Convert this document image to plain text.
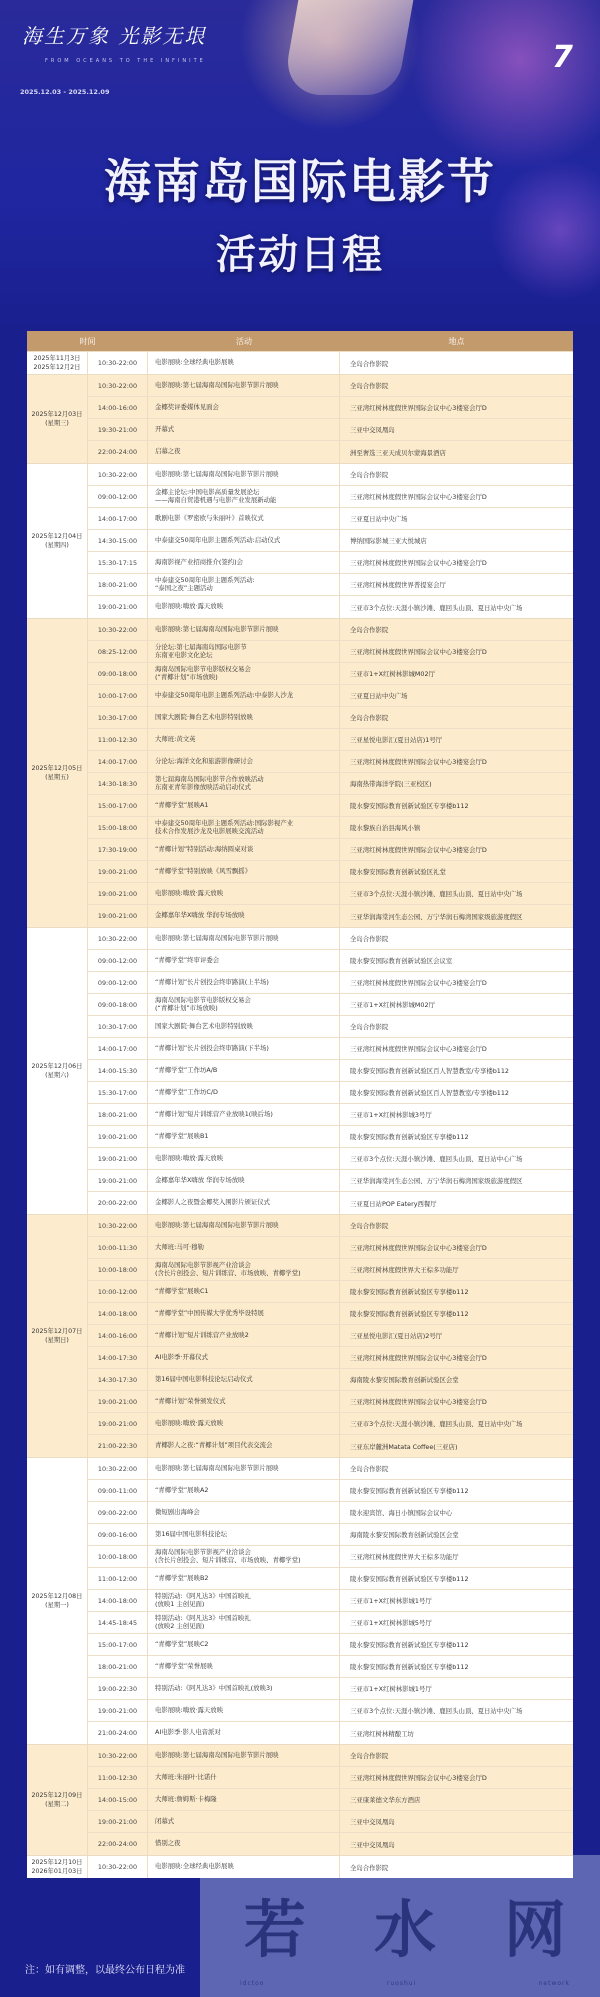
海生万象 光影无垠
FROM OCEANS TO THE INFINITE
2025.12.03 - 2025.12.09
7
海南岛国际电影节
活动日程
时间	活动	地点
2025年11月3日
2025年12月2日
10:30-22:00	电影展映:全球经典电影展映	全岛合作影院
2025年12月03日
(星期三)
10:30-22:00	电影展映:第七届海南岛国际电影节影片展映	全岛合作影院
14:00-16:00	金椰奖评委媒体见面会	三亚湾红树林度假世界国际会议中心3楼宴会厅D
19:30-21:00	开幕式	三亚中交凤凰岛
22:00-24:00	启幕之夜	洲至奢选三亚天成贝尔蒙海景酒店
2025年12月04日
(星期四)
10:30-22:00	电影展映:第七届海南岛国际电影节影片展映	全岛合作影院
09:00-12:00
金椰主论坛:中国电影高质量发展论坛
——海南自贸港机遇与电影产业发展新动能	三亚湾红树林度假世界国际会议中心3楼宴会厅D
14:00-17:00	歌剧电影《罗密欧与朱丽叶》首映仪式	三亚夏日站中央广场
14:30-15:00	中泰建交50周年电影主题系列活动:启动仪式	博纳国际影城三亚大悦城店
15:30-17:15	海南影视产业招商推介(签约)会	三亚湾红树林度假世界国际会议中心3楼宴会厅D
18:00-21:00
中泰建交50周年电影主题系列活动:
“泰国之夜”主题活动	三亚湾红树林度假世界普提宴会厅
19:00-21:00	电影展映:嗨放·露天放映	三亚市3个点位:天涯小镇沙滩、鹿回头山顶、夏日站中央广场
2025年12月05日
(星期五)
10:30-22:00	电影展映:第七届海南岛国际电影节影片展映	全岛合作影院
08:25-12:00
分论坛:第七届海南岛国际电影节
东南亚电影文化论坛	三亚湾红树林度假世界国际会议中心3楼宴会厅D
09:00-18:00
海南岛国际电影节电影版权交易会
(“青椰计划”市场放映)	三亚市1+X红树林影城M02厅
10:00-17:00	中泰建交50周年电影主题系列活动:中泰影人沙龙	三亚夏日站中央广场
10:30-17:00	国家大剧院·舞台艺术电影特别放映	全岛合作影院
11:00-12:30	大师班:黄文英	三亚星悦电影汇(夏日站店)1号厅
14:00-17:00	分论坛:海洋文化和旅游影像研讨会	三亚湾红树林度假世界国际会议中心3楼宴会厅D
14:30-18:30
第七届海南岛国际电影节合作放映活动
东南亚青年影像放映活动启动仪式	海南热带海洋学院(三亚校区)
15:00-17:00	“青椰学堂”展映A1	陵水黎安国际教育创新试验区专享楼b112
15:00-18:00
中泰建交50周年电影主题系列活动:国际影视产业
技术合作发展沙龙及电影展映交流活动	陵水黎族自治县海风小镇
17:30-19:00	“青椰计划”特别活动:海纳圆桌对谈	三亚湾红树林度假世界国际会议中心3楼宴会厅D
19:00-21:00	“青椰学堂”特别放映《风雪飘摇》	陵水黎安国际教育创新试验区礼堂
19:00-21:00	电影展映:嗨放·露天放映	三亚市3个点位:天涯小镇沙滩、鹿回头山顶、夏日站中央广场
19:00-21:00	金椰嘉年华X嗨放 华润专场放映	三亚华润海棠河生态公园、万宁华润石梅湾国家级旅游度假区
2025年12月06日
(星期六)
10:30-22:00	电影展映:第七届海南岛国际电影节影片展映	全岛合作影院
09:00-12:00	“青椰学堂”终审评委会	陵水黎安国际教育创新试验区会议室
09:00-12:00	“青椰计划”长片创投会终审路演(上半场)	三亚湾红树林度假世界国际会议中心3楼宴会厅D
09:00-18:00
海南岛国际电影节电影版权交易会
(“青椰计划”市场放映)	三亚市1+X红树林影城M02厅
10:30-17:00	国家大剧院·舞台艺术电影特别放映	全岛合作影院
14:00-17:00	“青椰计划”长片创投会终审路演(下半场)	三亚湾红树林度假世界国际会议中心3楼宴会厅D
14:00-15:30	“青椰学堂”工作坊A/B	陵水黎安国际教育创新试验区百人智慧教室/专享楼b112
15:30-17:00	“青椰学堂”工作坊C/D	陵水黎安国际教育创新试验区百人智慧教室/专享楼b112
18:00-21:00	“青椰计划”短片训练营产业放映1(映后场)	三亚市1+X红树林影城3号厅
19:00-21:00	“青椰学堂”展映B1	陵水黎安国际教育创新试验区专享楼b112
19:00-21:00	电影展映:嗨放·露天放映	三亚市3个点位:天涯小镇沙滩、鹿回头山顶、夏日站中心广场
19:00-21:00	金椰嘉年华X嗨放 华润专场放映	三亚华润海棠河生态公园、万宁华润石梅湾国家级旅游度假区
20:00-22:00	金椰影人之夜暨金椰奖入围影片颁证仪式	三亚夏日站POP Eatery西餐厅
2025年12月07日
(星期日)
10:30-22:00	电影展映:第七届海南岛国际电影节影片展映	全岛合作影院
10:00-11:30	大师班:马可·穆勒	三亚湾红树林度假世界国际会议中心3楼宴会厅D
10:00-18:00
海南岛国际电影节影视产业洽谈会
(含长片创投会、短片训练营、市场放映、青椰学堂)	三亚湾红树林度假世界大王棕多功能厅
10:00-12:00	“青椰学堂”展映C1	陵水黎安国际教育创新试验区专享楼b112
14:00-18:00	“青椰学堂”中国传媒大学优秀毕设特展	陵水黎安国际教育创新试验区专享楼b112
14:00-16:00	“青椰计划”短片训练营产业放映2	三亚星悦电影汇(夏日站店)2号厅
14:00-17:30	AI电影季·开幕仪式	三亚湾红树林度假世界国际会议中心3楼宴会厅D
14:30-17:30	第16届中国电影科技论坛启动仪式	海南陵水黎安国际教育创新试验区会堂
19:00-21:00	“青椰计划”荣誉颁发仪式	三亚湾红树林度假世界国际会议中心3楼宴会厅D
19:00-21:00	电影展映:嗨放·露天放映	三亚市3个点位:天涯小镇沙滩、鹿回头山顶、夏日站中央广场
21:00-22:30	青椰影人之夜:“青椰计划”项目代表交流会	三亚东岸麓洲Matata Coffee(三亚店)
2025年12月08日
(星期一)
10:30-22:00	电影展映:第七届海南岛国际电影节影片展映	全岛合作影院
09:00-11:00	“青椰学堂”展映A2	陵水黎安国际教育创新试验区专享楼b112
09:00-22:00	微短剧出海峰会	陵水迎宾馆、海日小镇国际会议中心
09:00-16:00	第16届中国电影科技论坛	海南陵水黎安国际教育创新试验区会堂
10:00-18:00
海南岛国际电影节影视产业洽谈会
(含长片创投会、短片训练营、市场放映、青椰学堂)	三亚湾红树林度假世界大王棕多功能厅
11:00-12:00	“青椰学堂”展映B2	陵水黎安国际教育创新试验区专享楼b112
14:00-18:00
特别活动:《阿凡达3》中国首映礼
(放映1 主创见面)	三亚市1+X红树林影城1号厅
14:45-18:45
特别活动:《阿凡达3》中国首映礼
(放映2 主创见面)	三亚市1+X红树林影城5号厅
15:00-17:00	“青椰学堂”展映C2	陵水黎安国际教育创新试验区专享楼b112
18:00-21:00	“青椰学堂”荣誉展映	陵水黎安国际教育创新试验区专享楼b112
19:00-22:30	特别活动:《阿凡达3》中国首映礼(放映3)	三亚市1+X红树林影城1号厅
19:00-21:00	电影展映:嗨放·露天放映	三亚市3个点位:天涯小镇沙滩、鹿回头山顶、夏日站中央广场
21:00-24:00	AI电影季·影人电音派对	三亚湾红树林精酿工坊
2025年12月09日
(星期二)
10:30-22:00	电影展映:第七届海南岛国际电影节影片展映	全岛合作影院
11:00-12:30	大师班:朱丽叶·比诺什	三亚湾红树林度假世界国际会议中心3楼宴会厅D
14:00-15:00	大师班:詹姆斯·卡梅隆	三亚康莱德文华东方酒店
19:00-21:00	闭幕式	三亚中交凤凰岛
22:00-24:00	惜别之夜	三亚中交凤凰岛
2025年12月10日
2026年01月03日
10:30-22:00	电影展映:全球经典电影展映	全岛合作影院
注：如有调整，以最终公布日程为准
若 水 网
idctoo	ruoshui	network
